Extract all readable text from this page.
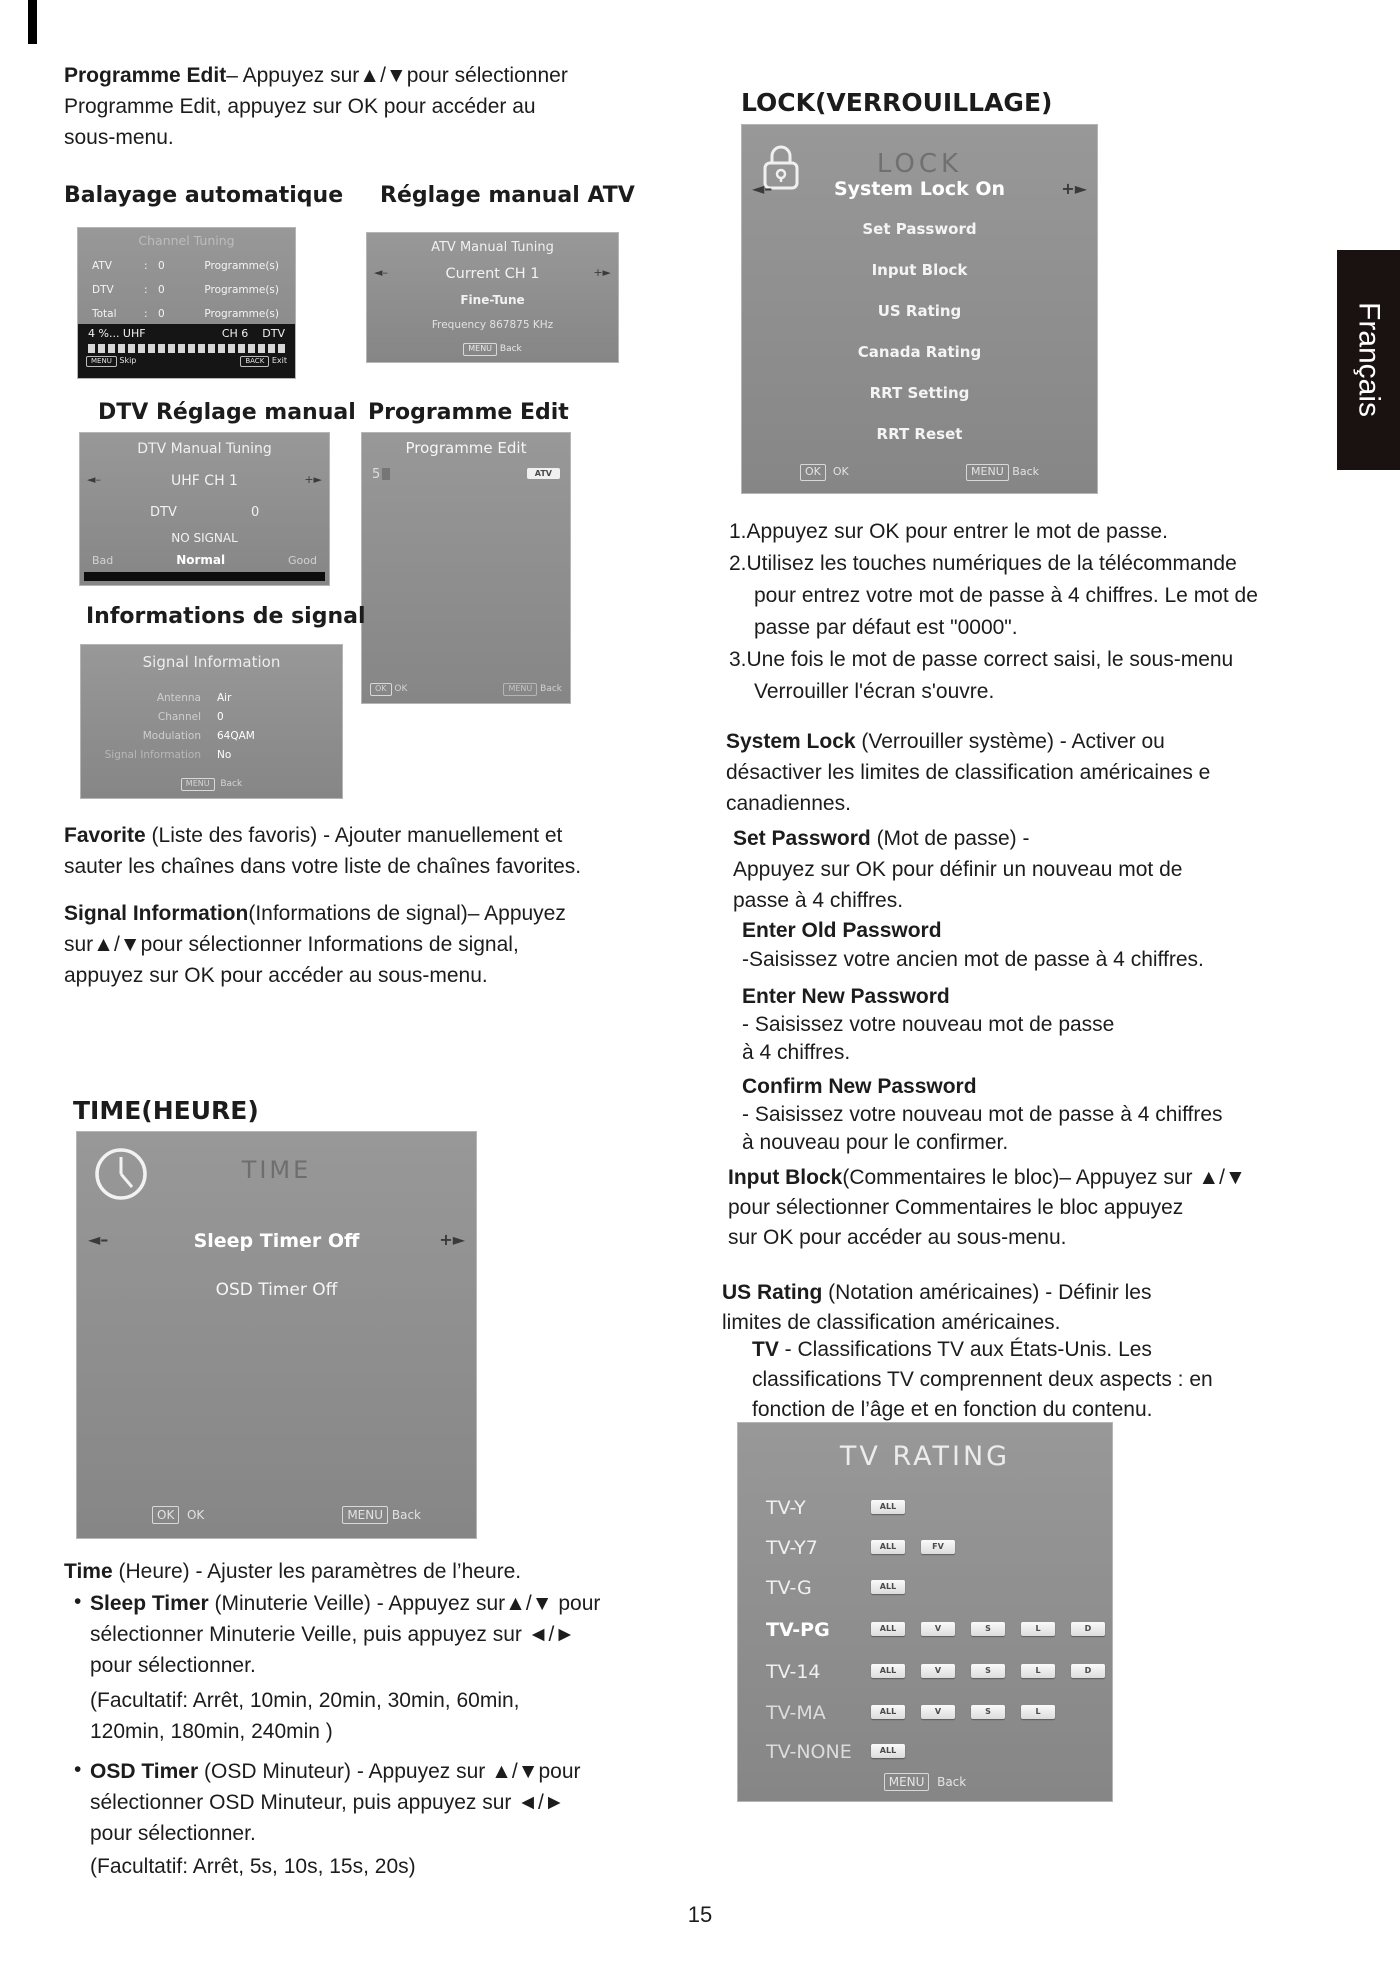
Programme Edit– Appuyez sur▲/▼pour sélectionner
Programme Edit, appuyez sur OK pour accéder au
sous-menu.

Balayage automatique Réglage manual ATV
Channel Tuning
ATV	: 0	Programme(s)
DTV	: 0	Programme(s)
Total	: 0	Programme(s)
4 %... UHF	CH 6 DTV
MENU Skip	BACK Exit
ATV Manual Tuning
◄–	Current CH 1	+►
Fine-Tune
Frequency 867875 KHz
MENU Back
DTV Réglage manual Programme Edit
DTV Manual Tuning
◄–	UHF CH 1	+►
DTV	0
NO SIGNAL
Bad	Normal	Good
Programme Edit
5	ATV
OK OK	MENU Back
Informations de signal
Signal Information
Antenna Air
Channel 0
Modulation 64QAM
Signal Information No
MENU Back

Favorite (Liste des favoris) - Ajouter manuellement et
sauter les chaînes dans votre liste de chaînes favorites.

Signal Information(Informations de signal)– Appuyez
sur▲/▼pour sélectionner Informations de signal,
appuyez sur OK pour accéder au sous-menu.

TIME(HEURE)
TIME
◄–	Sleep Timer Off	+►
OSD Timer Off
OK OK	MENU Back

Time (Heure) - Ajuster les paramètres de l’heure.

• Sleep Timer (Minuterie Veille) - Appuyez sur▲/▼ pour
sélectionner Minuterie Veille, puis appuyez sur ◄/►
pour sélectionner.
(Facultatif: Arrêt, 10min, 20min, 30min, 60min,
120min, 180min, 240min )

• OSD Timer (OSD Minuteur) - Appuyez sur ▲/▼pour
sélectionner OSD Minuteur, puis appuyez sur ◄/►
pour sélectionner.
(Facultatif: Arrêt, 5s, 10s, 15s, 20s)

LOCK(VERROUILLAGE)
LOCK
◄–	System Lock On	+►
Set Password
Input Block
US Rating
Canada Rating
RRT Setting
RRT Reset
OK OK	MENU Back
1.Appuyez sur OK pour entrer le mot de passe.
2.Utilisez les touches numériques de la télécommande
pour entrez votre mot de passe à 4 chiffres. Le mot de
passe par défaut est "0000".
3.Une fois le mot de passe correct saisi, le sous-menu
Verrouiller l'écran s'ouvre.

System Lock (Verrouiller système) - Activer ou
désactiver les limites de classification américaines e
canadiennes.

Set Password (Mot de passe) -
Appuyez sur OK pour définir un nouveau mot de
passe à 4 chiffres.

Enter Old Password
-Saisissez votre ancien mot de passe à 4 chiffres.

Enter New Password
- Saisissez votre nouveau mot de passe
à 4 chiffres.

Confirm New Password
- Saisissez votre nouveau mot de passe à 4 chiffres
à nouveau pour le confirmer.

Input Block(Commentaires le bloc)– Appuyez sur ▲/▼
pour sélectionner Commentaires le bloc appuyez
sur OK pour accéder au sous-menu.

US Rating (Notation américaines) - Définir les
limites de classification américaines.

TV - Classifications TV aux États-Unis. Les
classifications TV comprennent deux aspects : en
fonction de l’âge et en fonction du contenu.

TV RATING
TV-Y	ALL
TV-Y7	ALL	FV
TV-G	ALL
TV-PG	ALL	V	S	L	D
TV-14	ALL	V	S	L	D
TV-MA	ALL	V	S	L
TV-NONE	ALL
MENU Back
Français
15
